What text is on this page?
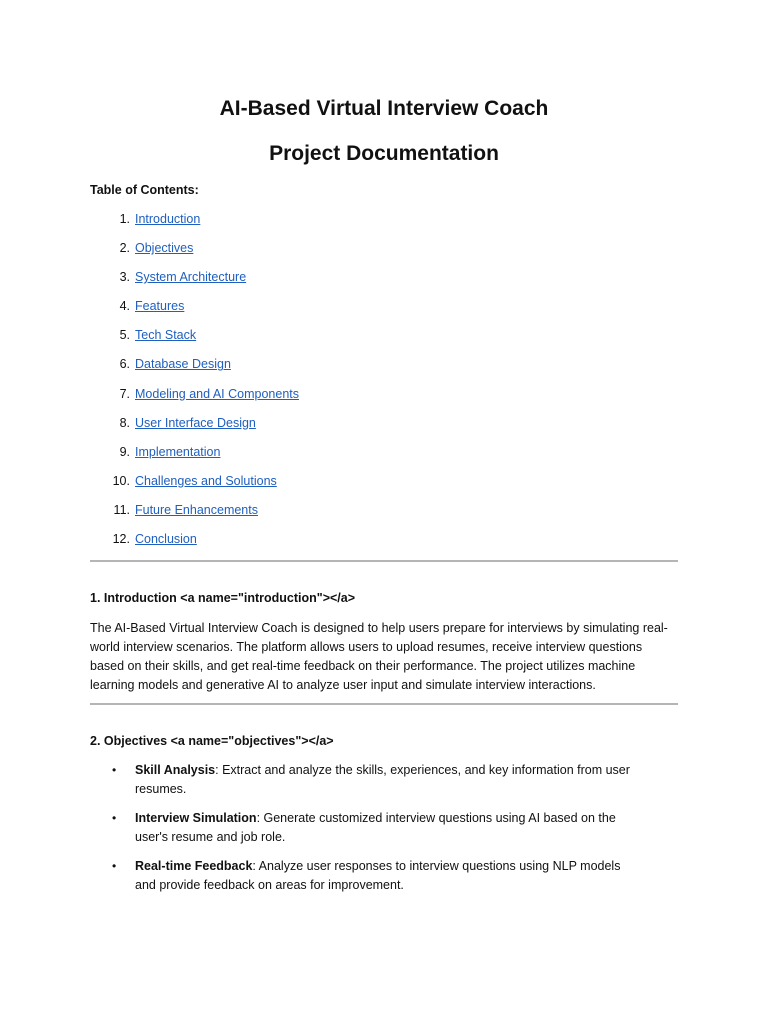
AI-Based Virtual Interview Coach
Project Documentation

Table of Contents:

1. Introduction
2. Objectives
3. System Architecture
4. Features
5. Tech Stack
6. Database Design
7. Modeling and AI Components
8. User Interface Design
9. Implementation
10. Challenges and Solutions
11. Future Enhancements
12. Conclusion

1. Introduction <a name="introduction"></a>

The AI-Based Virtual Interview Coach is designed to help users prepare for interviews by simulating real-world interview scenarios. The platform allows users to upload resumes, receive interview questions based on their skills, and get real-time feedback on their performance. The project utilizes machine learning models and generative AI to analyze user input and simulate interview interactions.

2. Objectives <a name="objectives"></a>

• Skill Analysis: Extract and analyze the skills, experiences, and key information from user resumes.
• Interview Simulation: Generate customized interview questions using AI based on the user's resume and job role.
• Real-time Feedback: Analyze user responses to interview questions using NLP models and provide feedback on areas for improvement.
